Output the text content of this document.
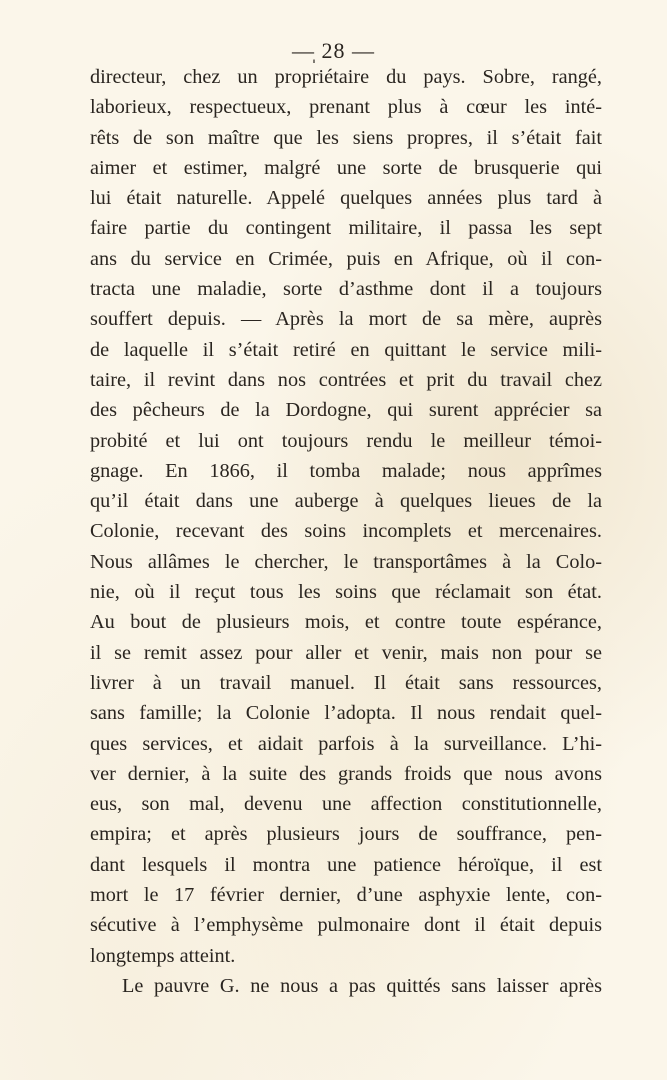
—̩ 28 —
directeur, chez un propriétaire du pays. Sobre, rangé,
laborieux, respectueux, prenant plus à cœur les inté-
rêts de son maître que les siens propres, il s’était fait
aimer et estimer, malgré une sorte de brusquerie qui
lui était naturelle. Appelé quelques années plus tard à
faire partie du contingent militaire, il passa les sept
ans du service en Crimée, puis en Afrique, où il con-
tracta une maladie, sorte d’asthme dont il a toujours
souffert depuis. — Après la mort de sa mère, auprès
de laquelle il s’était retiré en quittant le service mili-
taire, il revint dans nos contrées et prit du travail chez
des pêcheurs de la Dordogne, qui surent apprécier sa
probité et lui ont toujours rendu le meilleur témoi-
gnage. En 1866, il tomba malade; nous apprîmes
qu’il était dans une auberge à quelques lieues de la
Colonie, recevant des soins incomplets et mercenaires.
Nous allâmes le chercher, le transportâmes à la Colo-
nie, où il reçut tous les soins que réclamait son état.
Au bout de plusieurs mois, et contre toute espérance,
il se remit assez pour aller et venir, mais non pour se
livrer à un travail manuel. Il était sans ressources,
sans famille; la Colonie l’adopta. Il nous rendait quel-
ques services, et aidait parfois à la surveillance. L’hi-
ver dernier, à la suite des grands froids que nous avons
eus, son mal, devenu une affection constitutionnelle,
empira; et après plusieurs jours de souffrance, pen-
dant lesquels il montra une patience héroïque, il est
mort le 17 février dernier, d’une asphyxie lente, con-
sécutive à l’emphysème pulmonaire dont il était depuis
longtemps atteint.
Le pauvre G. ne nous a pas quittés sans laisser après
